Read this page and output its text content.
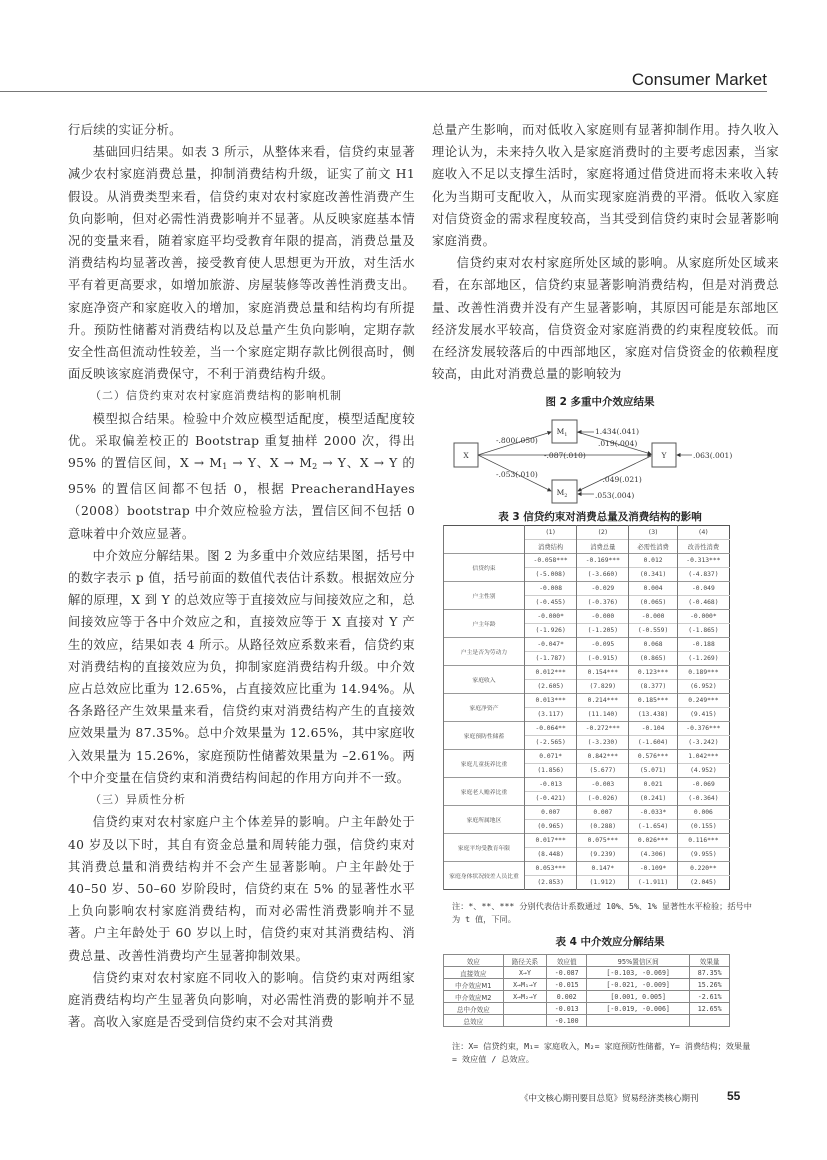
Consumer Market

行后续的实证分析。

基础回归结果。如表 3 所示，从整体来看，信贷约束显著减少农村家庭消费总量，抑制消费结构升级，证实了前文 H1 假设。从消费类型来看，信贷约束对农村家庭改善性消费产生负向影响，但对必需性消费影响并不显著。从反映家庭基本情况的变量来看，随着家庭平均受教育年限的提高，消费总量及消费结构均显著改善，接受教育使人思想更为开放，对生活水平有着更高要求，如增加旅游、房屋装修等改善性消费支出。家庭净资产和家庭收入的增加，家庭消费总量和结构均有所提升。预防性储蓄对消费结构以及总量产生负向影响，定期存款安全性高但流动性较差，当一个家庭定期存款比例很高时，侧面反映该家庭消费保守，不利于消费结构升级。

（二）信贷约束对农村家庭消费结构的影响机制

模型拟合结果。检验中介效应模型适配度，模型适配度较优。采取偏差校正的 Bootstrap 重复抽样 2000 次，得出 95% 的置信区间，$X \to M_1 \to Y$、$X \to M_2 \to Y$、X → Y 的 95% 的置信区间都不包括 0，根据 PreacherandHayes（2008）bootstrap 中介效应检验方法，置信区间不包括 0 意味着中介效应显著。

中介效应分解结果。图 2 为多重中介效应结果图，括号中的数字表示 p 值，括号前面的数值代表估计系数。根据效应分解的原理，X 到 Y 的总效应等于直接效应与间接效应之和，总间接效应等于各中介效应之和，直接效应等于 X 直接对 Y 产生的效应，结果如表 4 所示。从路径效应系数来看，信贷约束对消费结构的直接效应为负，抑制家庭消费结构升级。中介效应占总效应比重为 12.65%，占直接效应比重为 14.94%。从各条路径产生效果量来看，信贷约束对消费结构产生的直接效应效果量为 87.35%。总中介效果量为 12.65%，其中家庭收入效果量为 15.26%，家庭预防性储蓄效果量为 –2.61%。两个中介变量在信贷约束和消费结构间起的作用方向并不一致。

（三）异质性分析

信贷约束对农村家庭户主个体差异的影响。户主年龄处于 40 岁及以下时，其自有资金总量和周转能力强，信贷约束对其消费总量和消费结构并不会产生显著影响。户主年龄处于 40–50 岁、50–60 岁阶段时，信贷约束在 5% 的显著性水平上负向影响农村家庭消费结构，而对必需性消费影响并不显著。户主年龄处于 60 岁以上时，信贷约束对其消费结构、消费总量、改善性消费均产生显著抑制效果。

信贷约束对农村家庭不同收入的影响。信贷约束对两组家庭消费结构均产生显著负向影响，对必需性消费的影响并不显著。高收入家庭是否受到信贷约束不会对其消费

总量产生影响，而对低收入家庭则有显著抑制作用。持久收入理论认为，未来持久收入是家庭消费时的主要考虑因素，当家庭收入不足以支撑生活时，家庭将通过借贷进而将未来收入转化为当期可支配收入，从而实现家庭消费的平滑。低收入家庭对信贷资金的需求程度较高，当其受到信贷约束时会显著影响家庭消费。

信贷约束对农村家庭所处区域的影响。从家庭所处区域来看，在东部地区，信贷约束显著影响消费结构，但是对消费总量、改善性消费并没有产生显著影响，其原因可能是东部地区经济发展水平较高，信贷资金对家庭消费的约束程度较低。而在经济发展较落后的中西部地区，家庭对信贷资金的依赖程度较高，由此对消费总量的影响较为

图 2 多重中介效应结果
X
$M_1$
$M_2$
Y
-.800(.050)
-.053(.010)
-.087(.010)
1.434(.041)
.019(.004)
-.049(.021)
.053(.004)
.063(.001)
表 3 信贷约束对消费总量及消费结构的影响
	(1)	(2)	(3)	(4)
	消费结构	消费总量	必需性消费	改善性消费
信贷约束	-0.058***	-0.169***	0.012	-0.313***
	(-5.008)	(-3.660)	(0.341)	(-4.837)
户主性别	-0.008	-0.029	0.004	-0.049
	(-0.455)	(-0.376)	(0.065)	(-0.468)
户主年龄	-0.000*	-0.000	-0.000	-0.000*
	(-1.926)	(-1.205)	(-0.559)	(-1.865)
户主是否为劳动力	-0.047*	-0.095	0.068	-0.188
	(-1.787)	(-0.915)	(0.865)	(-1.269)
家庭收入	0.012***	0.154***	0.123***	0.189***
	(2.605)	(7.829)	(8.377)	(6.952)
家庭净资产	0.013***	0.214***	0.185***	0.249***
	(3.117)	(11.140)	(13.438)	(9.415)
家庭预防性储蓄	-0.064**	-0.272***	-0.104	-0.376***
	(-2.565)	(-3.230)	(-1.604)	(-3.242)
家庭儿童抚养比重	0.071*	0.842***	0.576***	1.042***
	(1.856)	(5.677)	(5.071)	(4.952)
家庭老人赡养比重	-0.013	-0.003	0.021	-0.069
	(-0.421)	(-0.026)	(0.241)	(-0.364)
家庭所属地区	0.007	0.007	-0.033*	0.006
	(0.965)	(0.288)	(-1.654)	(0.155)
家庭平均受教育年限	0.017***	0.075***	0.026***	0.116***
	(8.448)	(9.239)	(4.306)	(9.955)
家庭身体状况较差人员比重	0.053***	0.147*	-0.109*	0.220**
	(2.853)	(1.912)	(-1.911)	(2.045)
注：*、**、*** 分别代表估计系数通过 10%、5%、1% 显著性水平检验；括号中为 t 值，下同。
表 4 中介效应分解结果
效应	路径关系	效应值	95%置信区间	效果量
直接效应	X→Y	-0.087	[-0.103, -0.069]	87.35%
中介效应M1	X→M₁→Y	-0.015	[-0.021, -0.009]	15.26%
中介效应M2	X→M₂→Y	0.002	[0.001, 0.005]	-2.61%
总中介效应		-0.013	[-0.019, -0.006]	12.65%
总效应		-0.100		
注：X= 信贷约束，M₁= 家庭收入，M₂= 家庭预防性储蓄，Y= 消费结构；效果量 = 效应值 / 总效应。
《中文核心期刊要目总览》贸易经济类核心期刊 55
